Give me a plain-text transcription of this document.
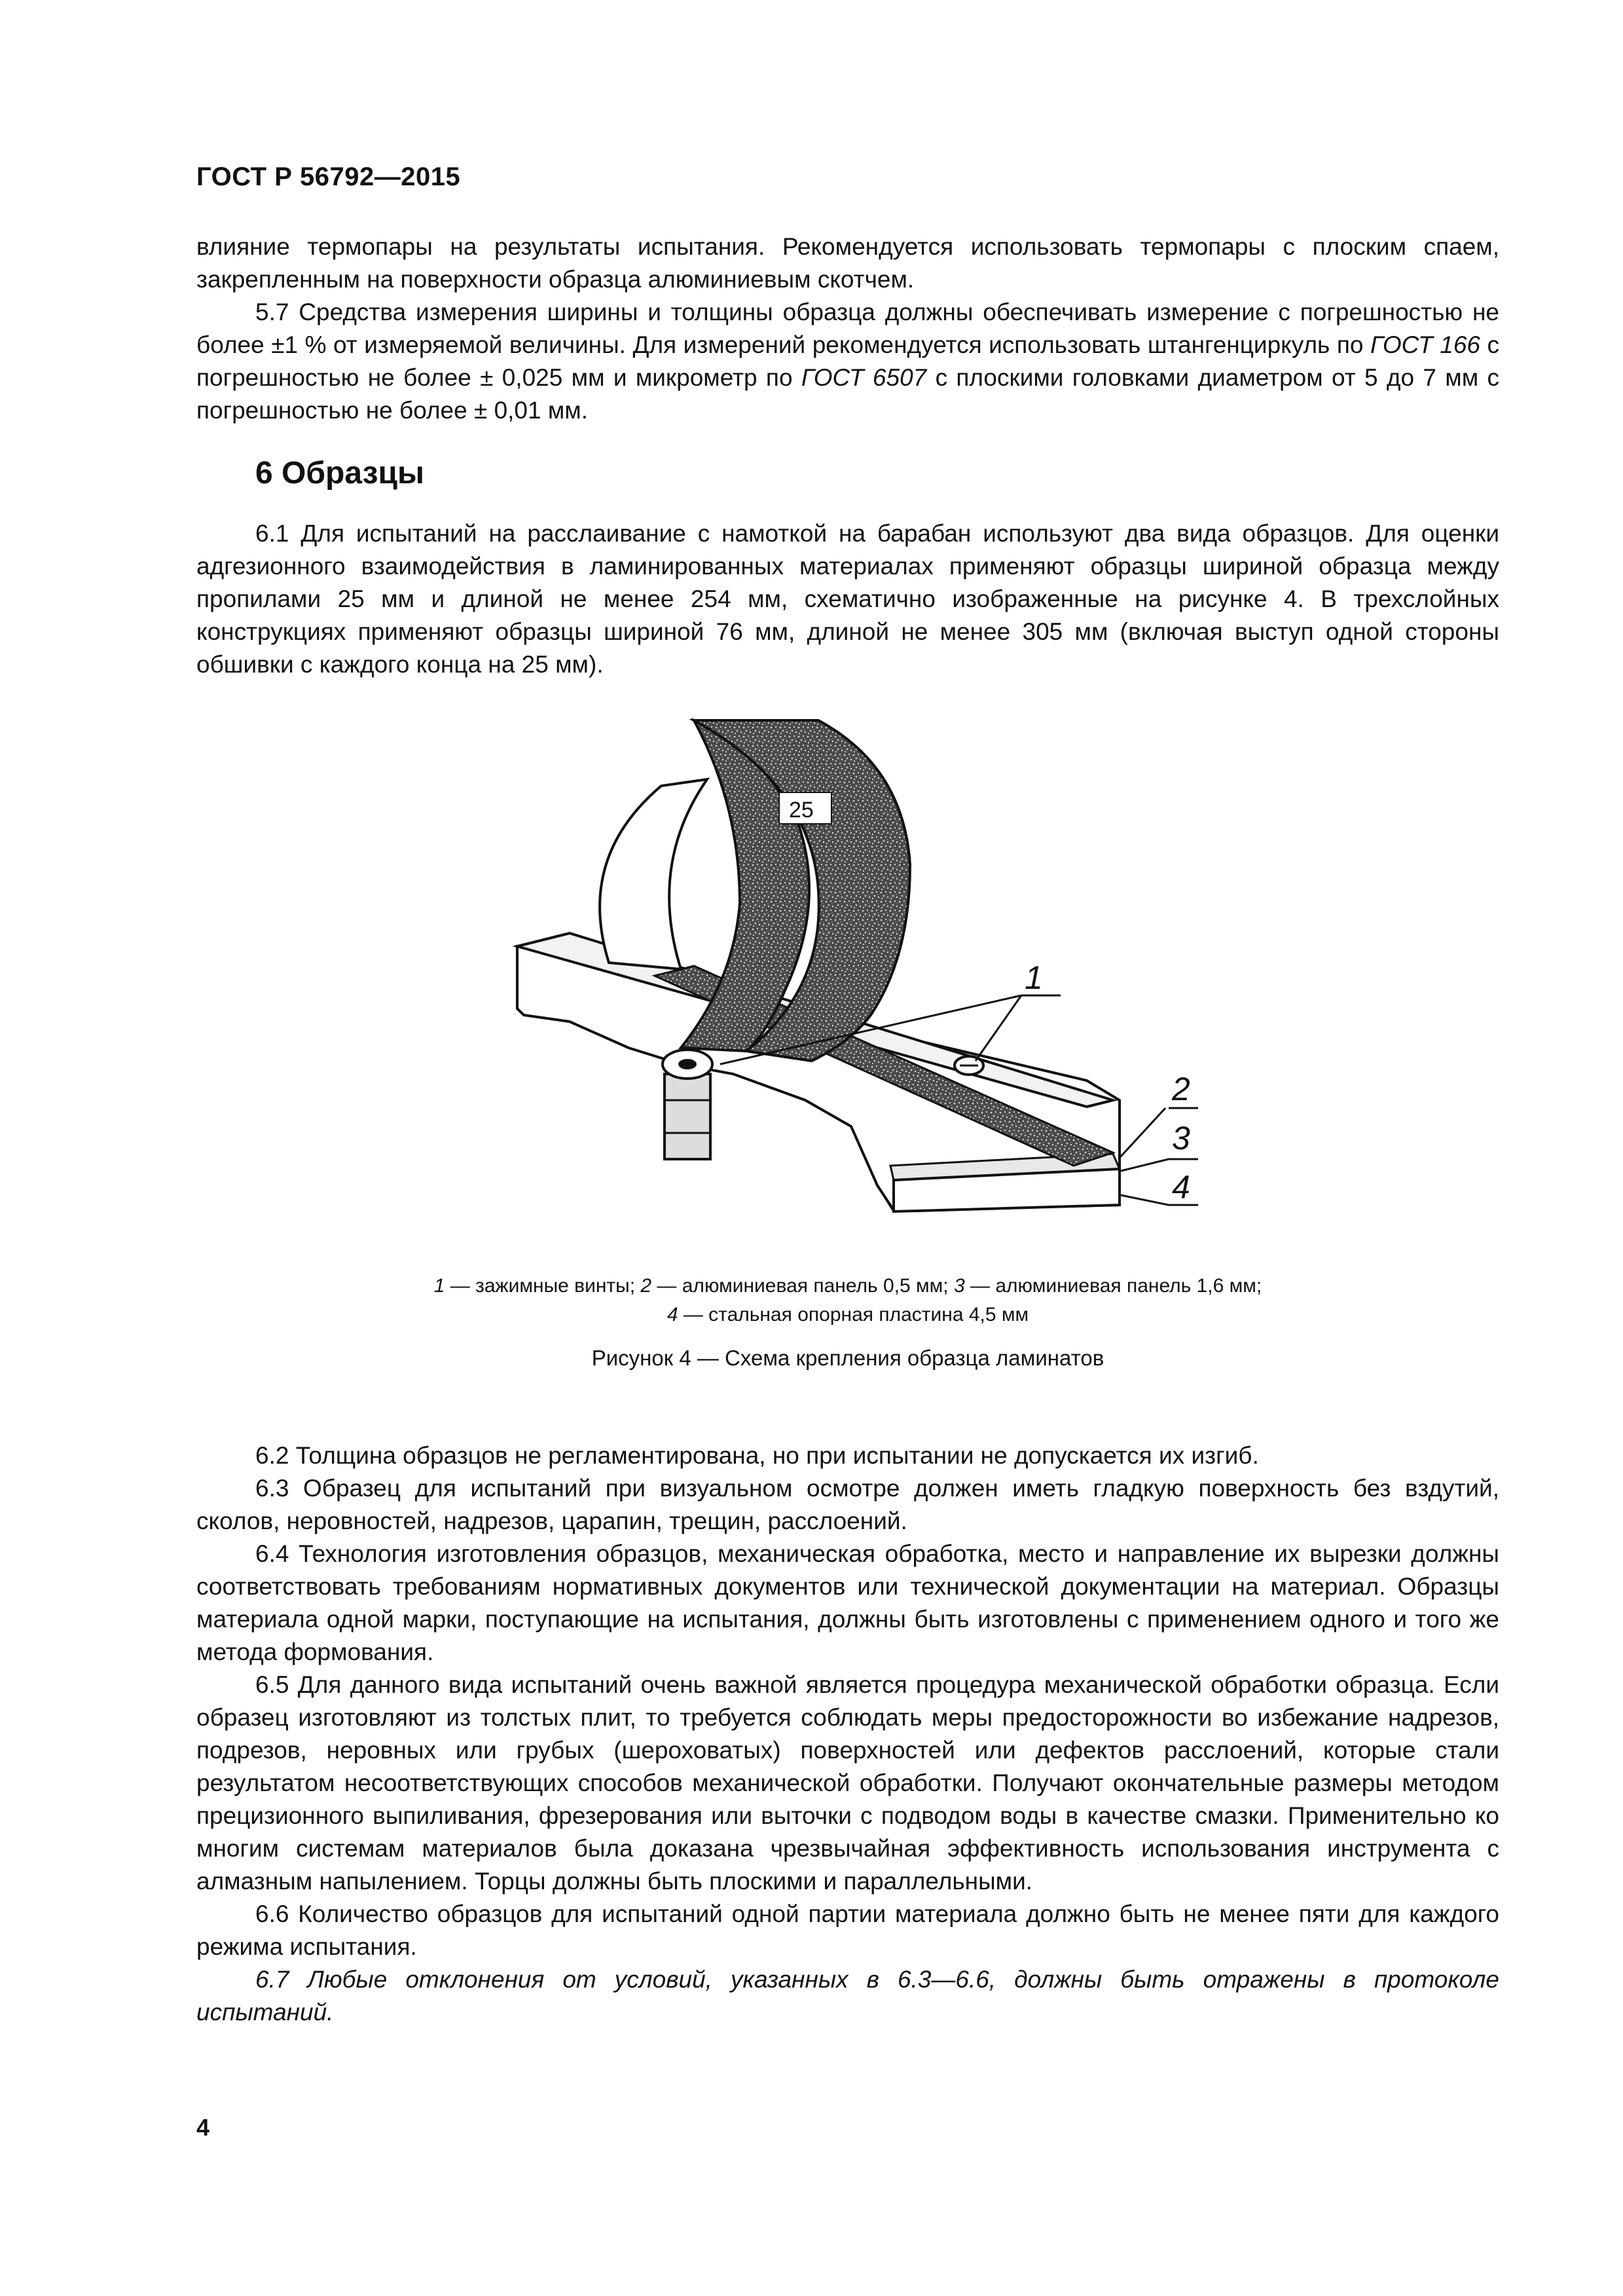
ГОСТ Р 56792—2015

влияние термопары на результаты испытания. Рекомендуется использовать термопары с плоским спаем, закрепленным на поверхности образца алюминиевым скотчем.

5.7 Средства измерения ширины и толщины образца должны обеспечивать измерение с погрешностью не более ±1 % от измеряемой величины. Для измерений рекомендуется использовать штангенциркуль по ГОСТ 166 с погрешностью не более ± 0,025 мм и микрометр по ГОСТ 6507 с плоскими головками диаметром от 5 до 7 мм с погрешностью не более ± 0,01 мм.

6 Образцы

6.1 Для испытаний на расслаивание с намоткой на барабан используют два вида образцов. Для оценки адгезионного взаимодействия в ламинированных материалах применяют образцы шириной образца между пропилами 25 мм и длиной не менее 254 мм, схематично изображенные на рисунке 4. В трехслойных конструкциях применяют образцы шириной 76 мм, длиной не менее 305 мм (включая выступ одной стороны обшивки с каждого конца на 25 мм).

25
1
2
3
4
1 — зажимные винты; 2 — алюминиевая панель 0,5 мм; 3 — алюминиевая панель 1,6 мм;
4 — стальная опорная пластина 4,5 мм
Рисунок 4 — Схема крепления образца ламинатов

6.2 Толщина образцов не регламентирована, но при испытании не допускается их изгиб.

6.3 Образец для испытаний при визуальном осмотре должен иметь гладкую поверхность без вздутий, сколов, неровностей, надрезов, царапин, трещин, расслоений.

6.4 Технология изготовления образцов, механическая обработка, место и направление их вырезки должны соответствовать требованиям нормативных документов или технической документации на материал. Образцы материала одной марки, поступающие на испытания, должны быть изготовлены с применением одного и того же метода формования.

6.5 Для данного вида испытаний очень важной является процедура механической обработки образца. Если образец изготовляют из толстых плит, то требуется соблюдать меры предосторожности во избежание надрезов, подрезов, неровных или грубых (шероховатых) поверхностей или дефектов расслоений, которые стали результатом несоответствующих способов механической обработки. Получают окончательные размеры методом прецизионного выпиливания, фрезерования или выточки с подводом воды в качестве смазки. Применительно ко многим системам материалов была доказана чрезвычайная эффективность использования инструмента с алмазным напылением. Торцы должны быть плоскими и параллельными.

6.6 Количество образцов для испытаний одной партии материала должно быть не менее пяти для каждого режима испытания.

6.7 Любые отклонения от условий, указанных в 6.3—6.6, должны быть отражены в протоколе испытаний.

4
